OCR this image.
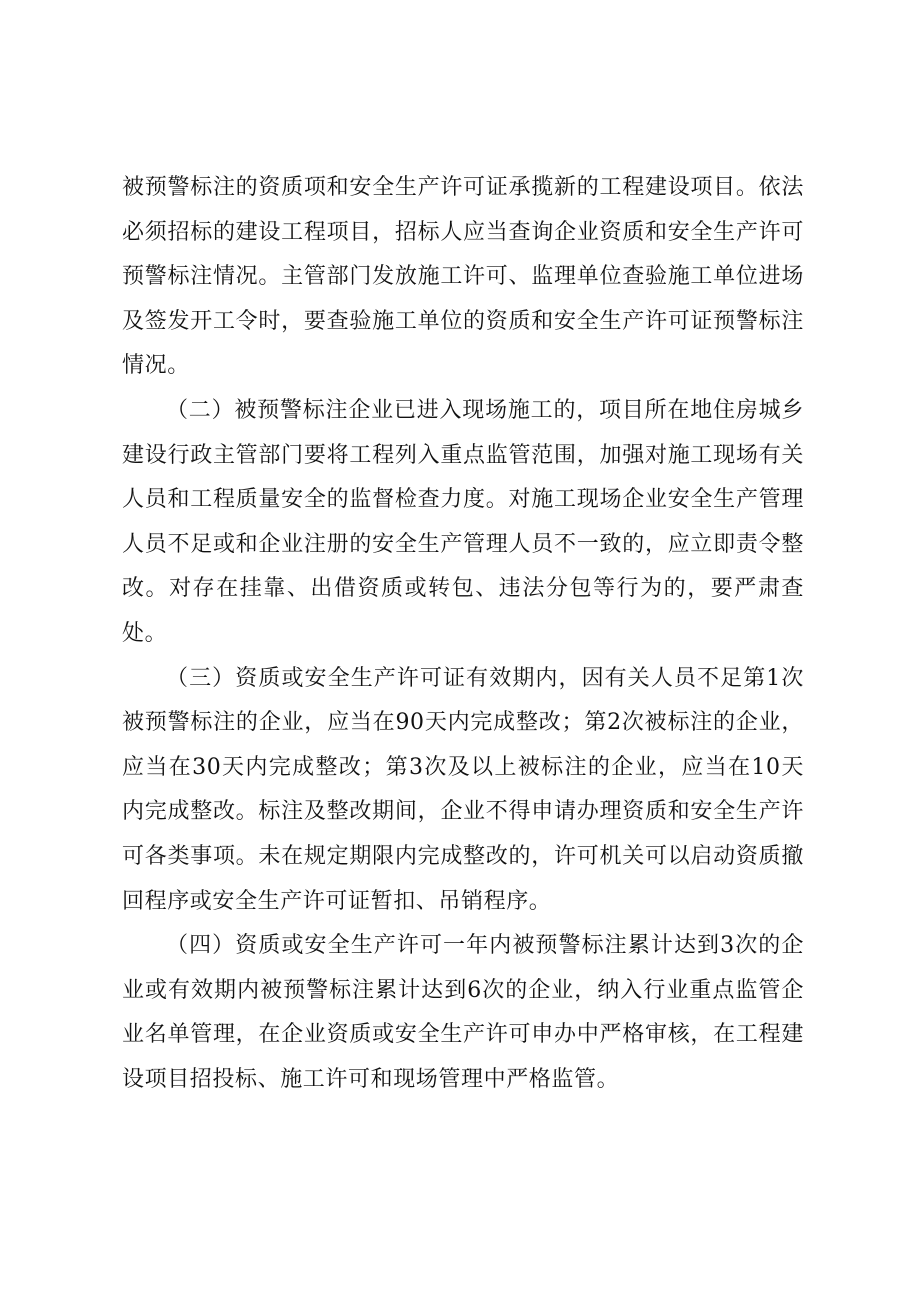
被预警标注的资质项和安全生产许可证承揽新的工程建设项目。依法必须招标的建设工程项目，招标人应当查询企业资质和安全生产许可预警标注情况。主管部门发放施工许可、监理单位查验施工单位进场及签发开工令时，要查验施工单位的资质和安全生产许可证预警标注情况。

（二）被预警标注企业已进入现场施工的，项目所在地住房城乡建设行政主管部门要将工程列入重点监管范围，加强对施工现场有关人员和工程质量安全的监督检查力度。对施工现场企业安全生产管理人员不足或和企业注册的安全生产管理人员不一致的，应立即责令整改。对存在挂靠、出借资质或转包、违法分包等行为的，要严肃查处。

（三）资质或安全生产许可证有效期内，因有关人员不足第1次被预警标注的企业，应当在90天内完成整改；第2次被标注的企业，应当在30天内完成整改；第3次及以上被标注的企业，应当在10天内完成整改。标注及整改期间，企业不得申请办理资质和安全生产许可各类事项。未在规定期限内完成整改的，许可机关可以启动资质撤回程序或安全生产许可证暂扣、吊销程序。

（四）资质或安全生产许可一年内被预警标注累计达到3次的企业或有效期内被预警标注累计达到6次的企业，纳入行业重点监管企业名单管理，在企业资质或安全生产许可申办中严格审核，在工程建设项目招投标、施工许可和现场管理中严格监管。
